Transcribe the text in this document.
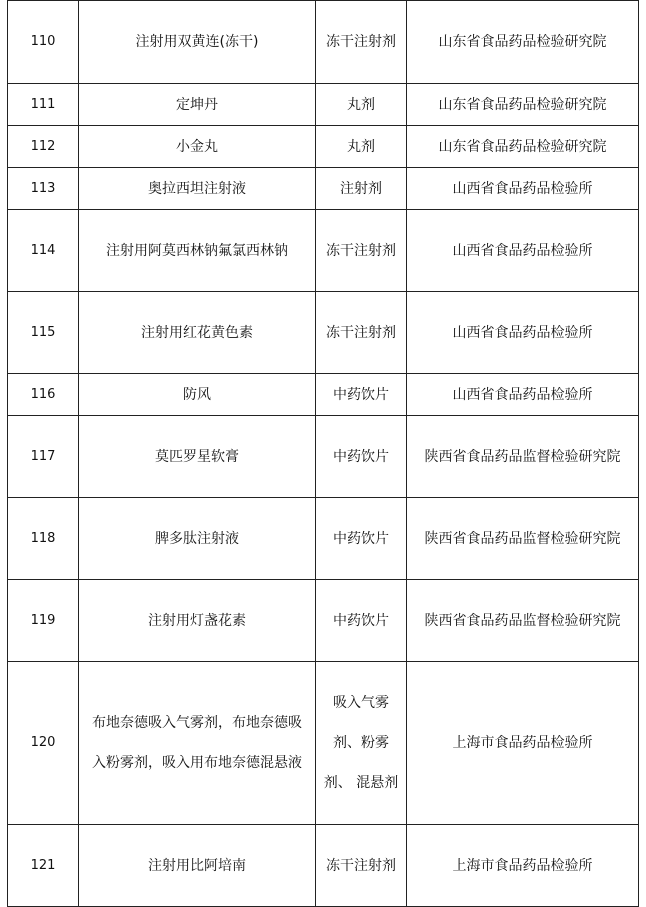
110	注射用双黄连(冻干)	冻干注射剂	山东省食品药品检验研究院
111	定坤丹	丸剂	山东省食品药品检验研究院
112	小金丸	丸剂	山东省食品药品检验研究院
113	奥拉西坦注射液	注射剂	山西省食品药品检验所
114	注射用阿莫西林钠氟氯西林钠	冻干注射剂	山西省食品药品检验所
115	注射用红花黄色素	冻干注射剂	山西省食品药品检验所
116	防风	中药饮片	山西省食品药品检验所
117	莫匹罗星软膏	中药饮片	陕西省食品药品监督检验研究院
118	脾多肽注射液	中药饮片	陕西省食品药品监督检验研究院
119	注射用灯盏花素	中药饮片	陕西省食品药品监督检验研究院
120	布地奈德吸入气雾剂，布地奈德吸入粉雾剂，吸入用布地奈德混悬液	吸入气雾剂、粉雾剂、 混悬剂	上海市食品药品检验所
121	注射用比阿培南	冻干注射剂	上海市食品药品检验所
